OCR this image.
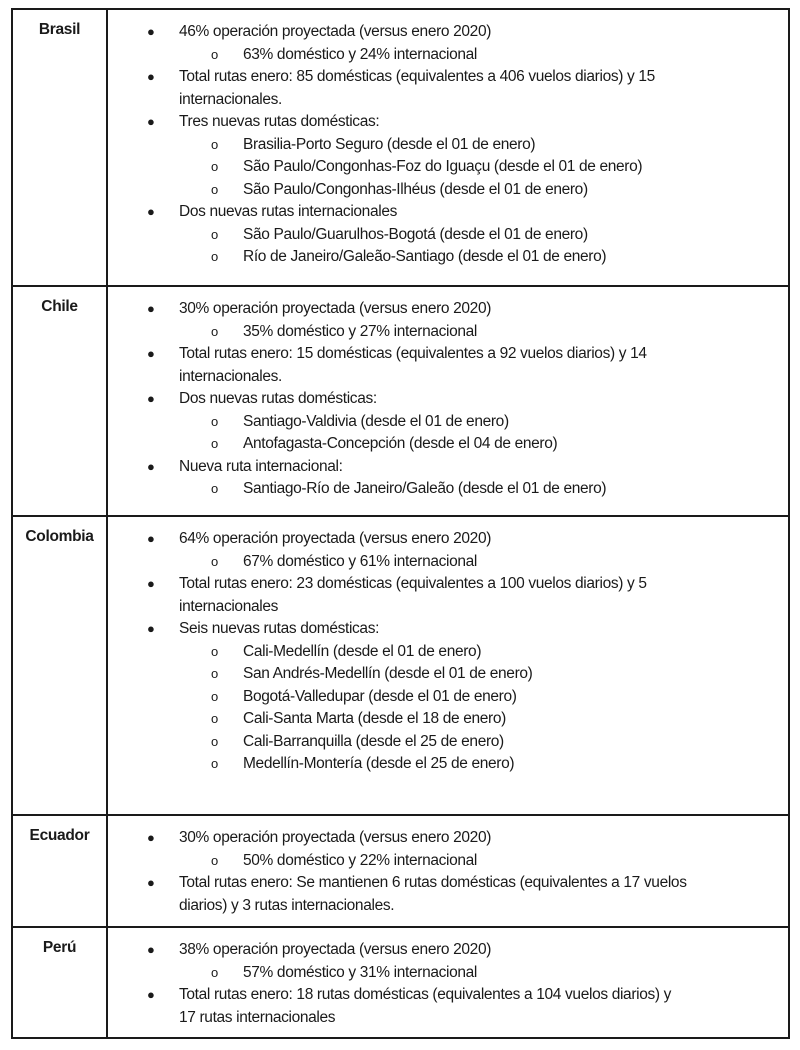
Brasil	● 46% operación proyectada (versus enero 2020)
o 63% doméstico y 24% internacional
● Total rutas enero: 85 domésticas (equivalentes a 406 vuelos diarios) y 15
internacionales.
● Tres nuevas rutas domésticas:
o Brasilia-Porto Seguro (desde el 01 de enero)
o São Paulo/Congonhas-Foz do Iguaçu (desde el 01 de enero)
o São Paulo/Congonhas-Ilhéus (desde el 01 de enero)
● Dos nuevas rutas internacionales
o São Paulo/Guarulhos-Bogotá (desde el 01 de enero)
o Río de Janeiro/Galeão-Santiago (desde el 01 de enero)
Chile	● 30% operación proyectada (versus enero 2020)
o 35% doméstico y 27% internacional
● Total rutas enero: 15 domésticas (equivalentes a 92 vuelos diarios) y 14
internacionales.
● Dos nuevas rutas domésticas:
o Santiago-Valdivia (desde el 01 de enero)
o Antofagasta-Concepción (desde el 04 de enero)
● Nueva ruta internacional:
o Santiago-Río de Janeiro/Galeão (desde el 01 de enero)
Colombia	● 64% operación proyectada (versus enero 2020)
o 67% doméstico y 61% internacional
● Total rutas enero: 23 domésticas (equivalentes a 100 vuelos diarios) y 5
internacionales
● Seis nuevas rutas domésticas:
o Cali-Medellín (desde el 01 de enero)
o San Andrés-Medellín (desde el 01 de enero)
o Bogotá-Valledupar (desde el 01 de enero)
o Cali-Santa Marta (desde el 18 de enero)
o Cali-Barranquilla (desde el 25 de enero)
o Medellín-Montería (desde el 25 de enero)
Ecuador	● 30% operación proyectada (versus enero 2020)
o 50% doméstico y 22% internacional
● Total rutas enero: Se mantienen 6 rutas domésticas (equivalentes a 17 vuelos
diarios) y 3 rutas internacionales.
Perú	● 38% operación proyectada (versus enero 2020)
o 57% doméstico y 31% internacional
● Total rutas enero: 18 rutas domésticas (equivalentes a 104 vuelos diarios) y
17 rutas internacionales
